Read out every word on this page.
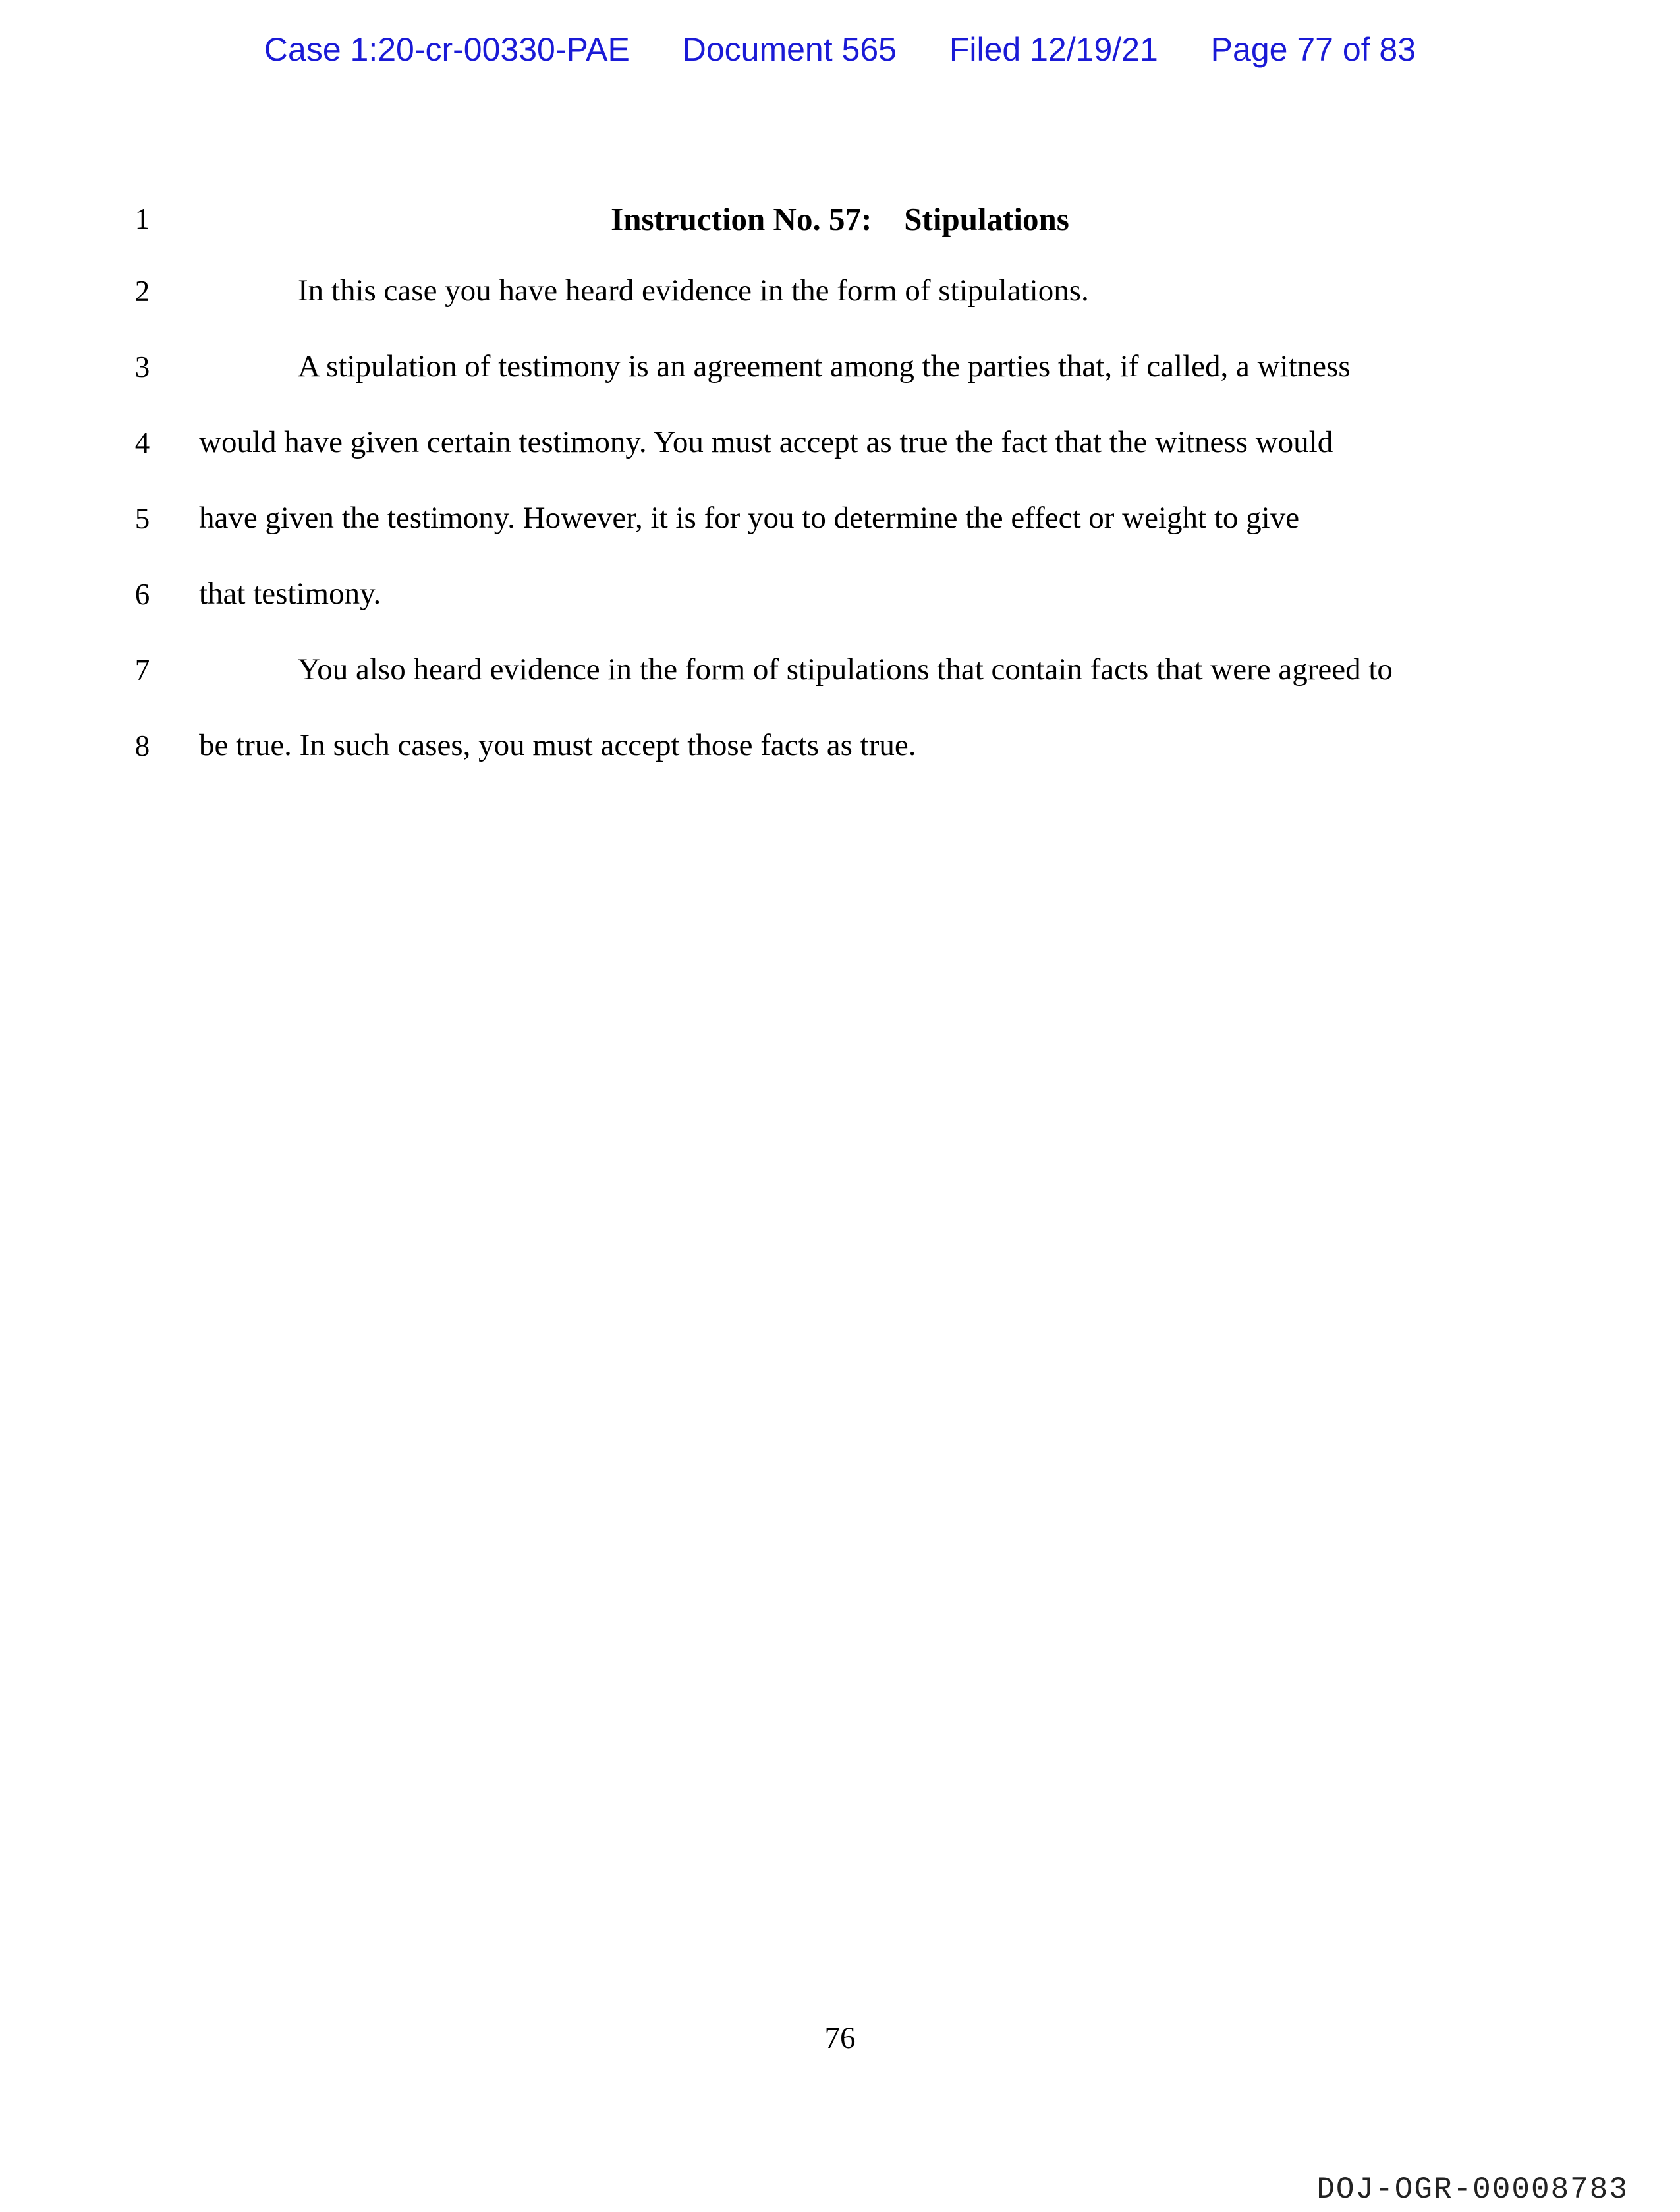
Case 1:20-cr-00330-PAE Document 565 Filed 12/19/21 Page 77 of 83
1
2
3
4
5
6
7
8
Instruction No. 57:    Stipulations
In this case you have heard evidence in the form of stipulations.
A stipulation of testimony is an agreement among the parties that, if called, a witness
would have given certain testimony. You must accept as true the fact that the witness would
have given the testimony. However, it is for you to determine the effect or weight to give
that testimony.
You also heard evidence in the form of stipulations that contain facts that were agreed to
be true. In such cases, you must accept those facts as true.
76
DOJ-OGR-00008783
